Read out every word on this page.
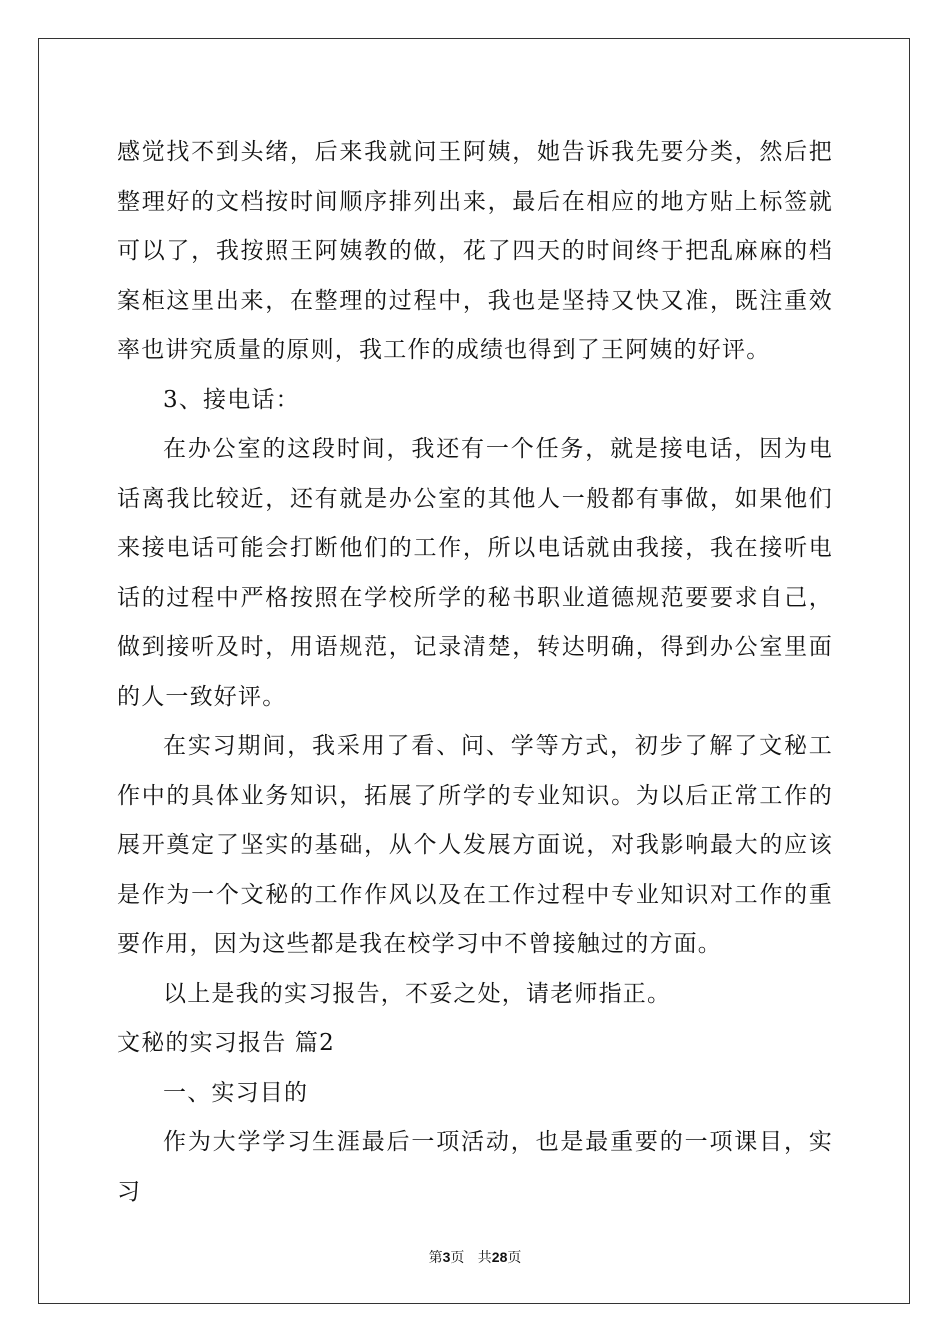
感觉找不到头绪，后来我就问王阿姨，她告诉我先要分类，然后把整理好的文档按时间顺序排列出来，最后在相应的地方贴上标签就可以了，我按照王阿姨教的做，花了四天的时间终于把乱麻麻的档案柜这里出来，在整理的过程中，我也是坚持又快又准，既注重效率也讲究质量的原则，我工作的成绩也得到了王阿姨的好评。

3、接电话：

在办公室的这段时间，我还有一个任务，就是接电话，因为电话离我比较近，还有就是办公室的其他人一般都有事做，如果他们来接电话可能会打断他们的工作，所以电话就由我接，我在接听电话的过程中严格按照在学校所学的秘书职业道德规范要要求自己，做到接听及时，用语规范，记录清楚，转达明确，得到办公室里面的人一致好评。

在实习期间，我采用了看、问、学等方式，初步了解了文秘工作中的具体业务知识，拓展了所学的专业知识。为以后正常工作的展开奠定了坚实的基础，从个人发展方面说，对我影响最大的应该是作为一个文秘的工作作风以及在工作过程中专业知识对工作的重要作用，因为这些都是我在校学习中不曾接触过的方面。

以上是我的实习报告，不妥之处，请老师指正。

文秘的实习报告 篇2

一、实习目的

作为大学学习生涯最后一项活动，也是最重要的一项课目，实习

第3页 共28页
